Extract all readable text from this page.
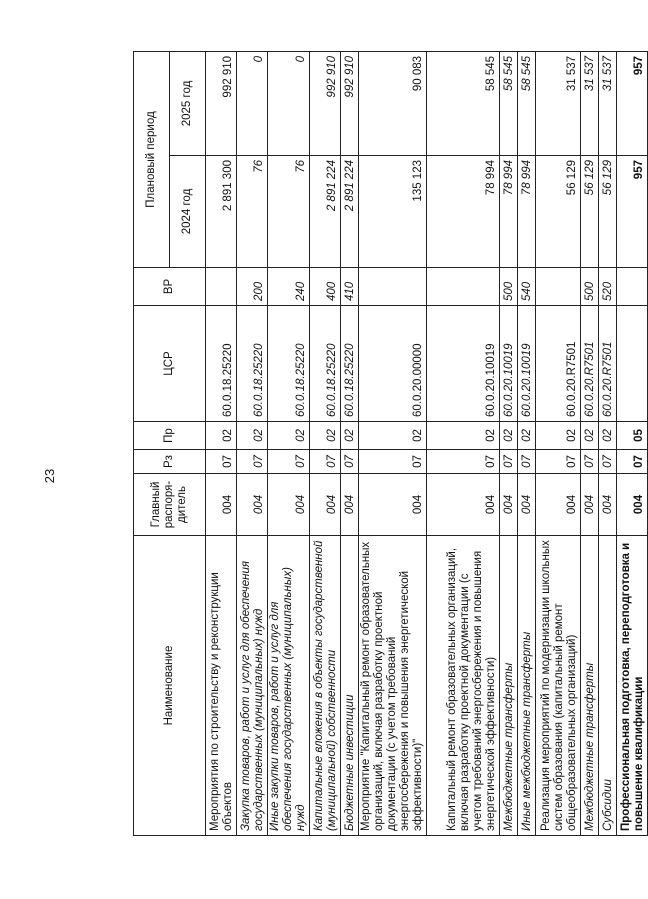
23
Наименование	Главный распоря-дитель	Рз	Пр	ЦСР	ВР	Плановый период	
						2024 год	2025 год
Мероприятия по строительству и реконструкции объектов	004	07	02	60.0.18.25220		2 891 300	992 910
Закупка товаров, работ и услуг для обеспечения государственных (муниципальных) нужд	004	07	02	60.0.18.25220	200	76	0
Иные закупки товаров, работ и услуг для обеспечения государственных (муниципальных) нужд	004	07	02	60.0.18.25220	240	76	0
Капитальные вложения в объекты государственной (муниципальной) собственности	004	07	02	60.0.18.25220	400	2 891 224	992 910
Бюджетные инвестиции	004	07	02	60.0.18.25220	410	2 891 224	992 910
Мероприятие "Капитальный ремонт образовательных организаций, включая разработку проектной документации (с учетом требований энергосбережения и повышения энергетической эффективности)"	004	07	02	60.0.20.00000		135 123	90 083
Капитальный ремонт образовательных организаций, включая разработку проектной документации (с учетом требований энергосбережения и повышения энергетической эффективности)	004	07	02	60.0.20.10019		78 994	58 545
Межбюджетные трансферты	004	07	02	60.0.20.10019	500	78 994	58 545
Иные межбюджетные трансферты	004	07	02	60.0.20.10019	540	78 994	58 545
Реализация мероприятий по модернизации школьных систем образования (капитальный ремонт общеобразовательных организаций)	004	07	02	60.0.20.R7501		56 129	31 537
Межбюджетные трансферты	004	07	02	60.0.20.R7501	500	56 129	31 537
Субсидии	004	07	02	60.0.20.R7501	520	56 129	31 537
Профессиональная подготовка, переподготовка и повышение квалификации	004	07	05			957	957
